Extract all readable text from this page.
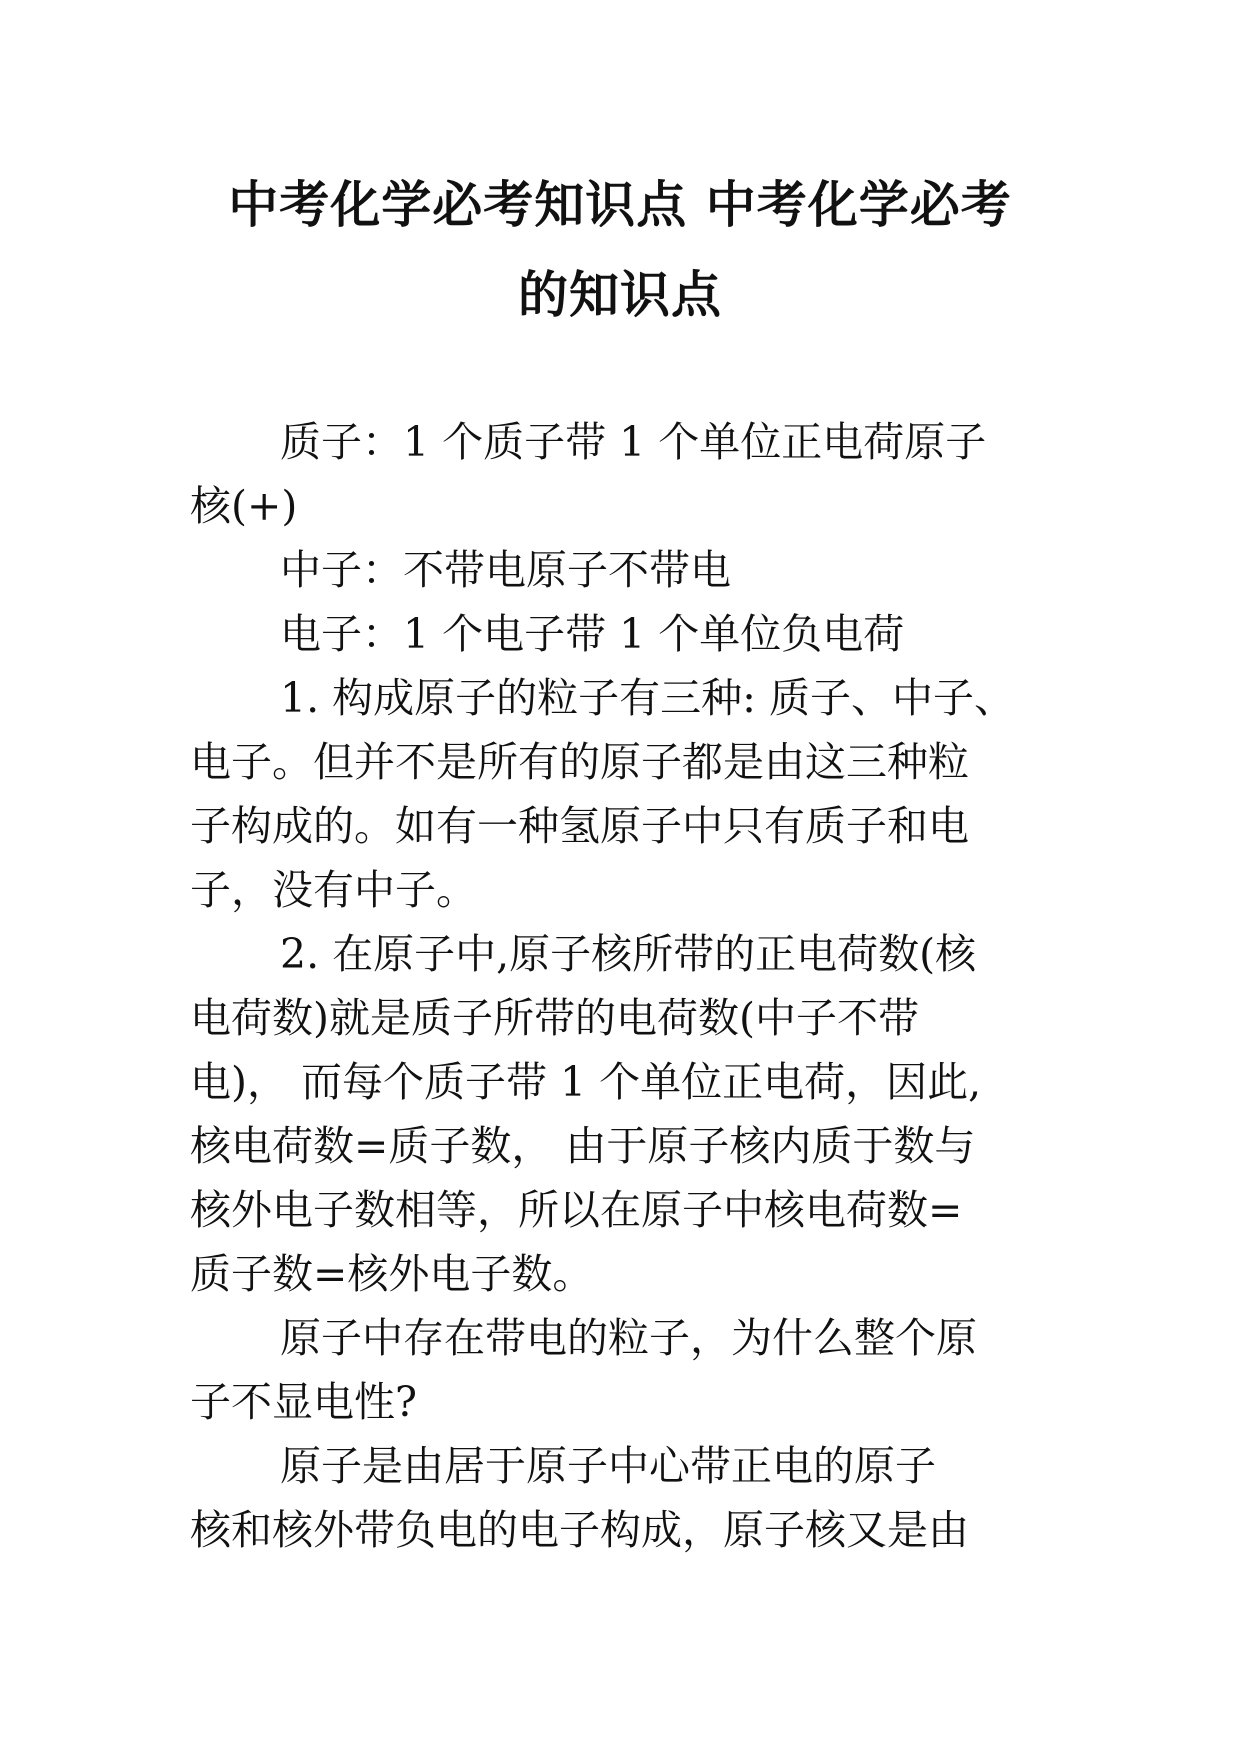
中考化学必考知识点 中考化学必考
的知识点
质子：1 个质子带 1 个单位正电荷原子
核(+)
中子：不带电原子不带电
电子：1 个电子带 1 个单位负电荷
1. 构成原子的粒子有三种: 质子、中子、
电子。但并不是所有的原子都是由这三种粒
子构成的。如有一种氢原子中只有质子和电
子，没有中子。
2. 在原子中,原子核所带的正电荷数(核
电荷数)就是质子所带的电荷数(中子不带
电)， 而每个质子带 1 个单位正电荷，因此,
核电荷数=质子数， 由于原子核内质于数与
核外电子数相等，所以在原子中核电荷数=
质子数=核外电子数。
原子中存在带电的粒子，为什么整个原
子不显电性?
原子是由居于原子中心带正电的原子
核和核外带负电的电子构成，原子核又是由
